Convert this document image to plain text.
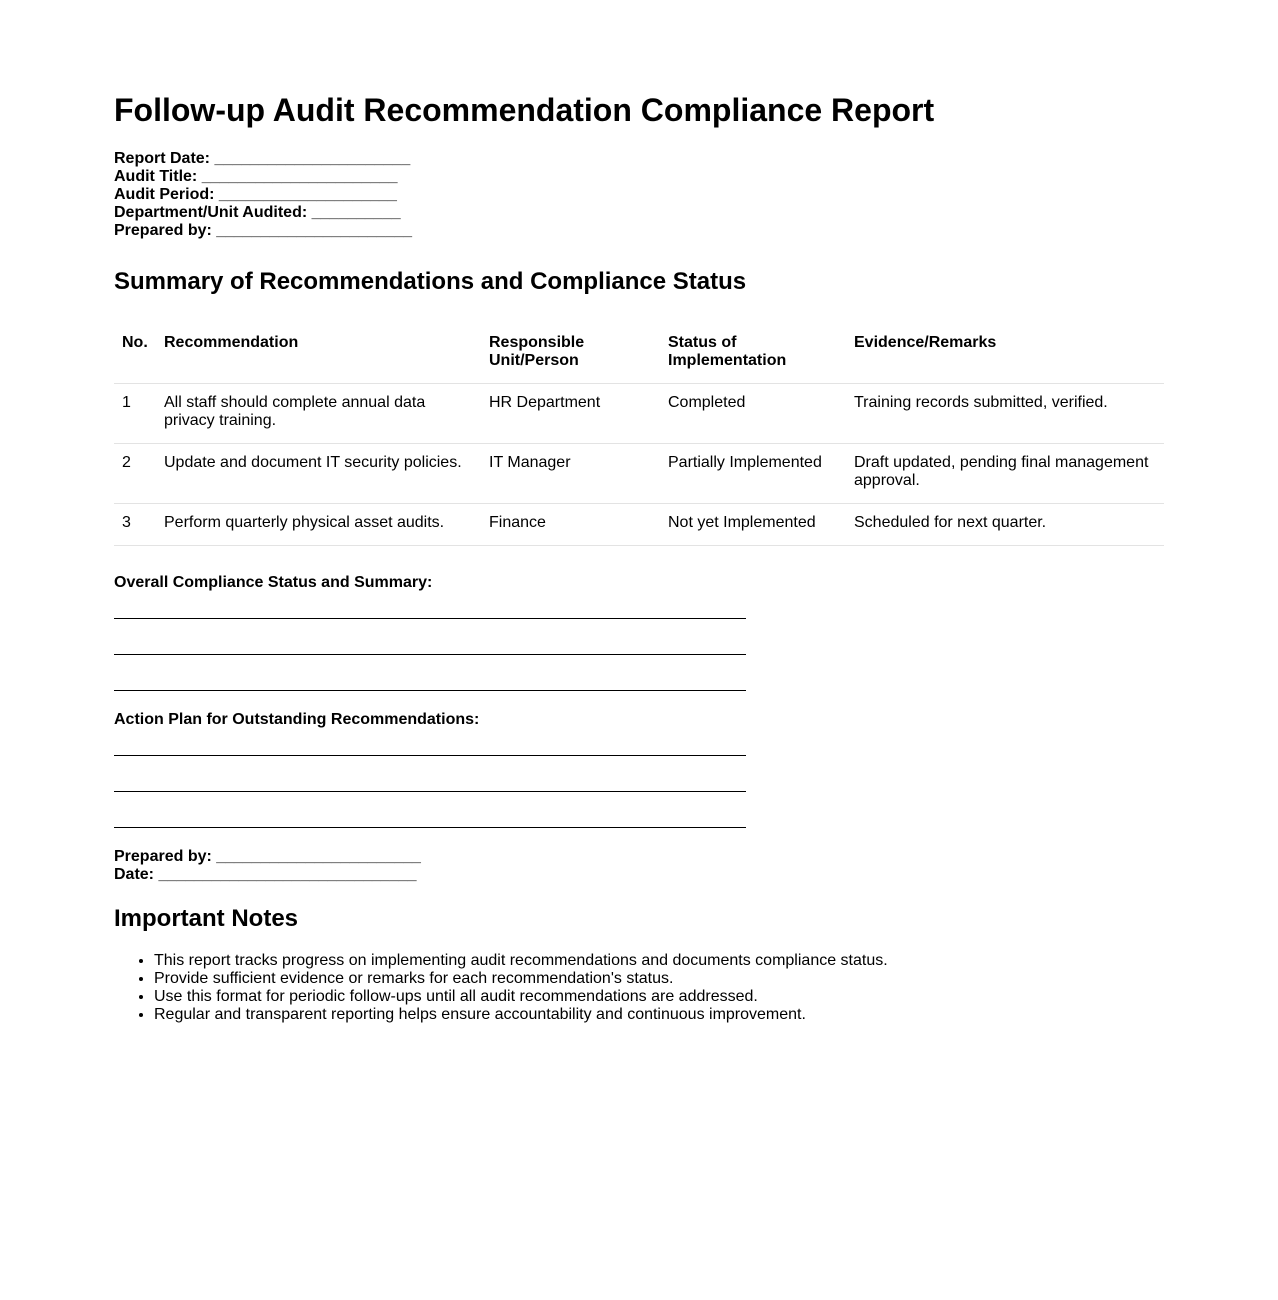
Follow-up Audit Recommendation Compliance Report
Report Date: ______________________
Audit Title: ______________________
Audit Period: ____________________
Department/Unit Audited: __________
Prepared by: ______________________
Summary of Recommendations and Compliance Status
No.	Recommendation	Responsible Unit/Person	Status of Implementation	Evidence/Remarks
1	All staff should complete annual data privacy training.	HR Department	Completed	Training records submitted, verified.
2	Update and document IT security policies.	IT Manager	Partially Implemented	Draft updated, pending final management approval.
3	Perform quarterly physical asset audits.	Finance	Not yet Implemented	Scheduled for next quarter.
Overall Compliance Status and Summary:
Action Plan for Outstanding Recommendations:
Prepared by: _______________________
Date: _____________________________
Important Notes
• This report tracks progress on implementing audit recommendations and documents compliance status.
• Provide sufficient evidence or remarks for each recommendation's status.
• Use this format for periodic follow-ups until all audit recommendations are addressed.
• Regular and transparent reporting helps ensure accountability and continuous improvement.
